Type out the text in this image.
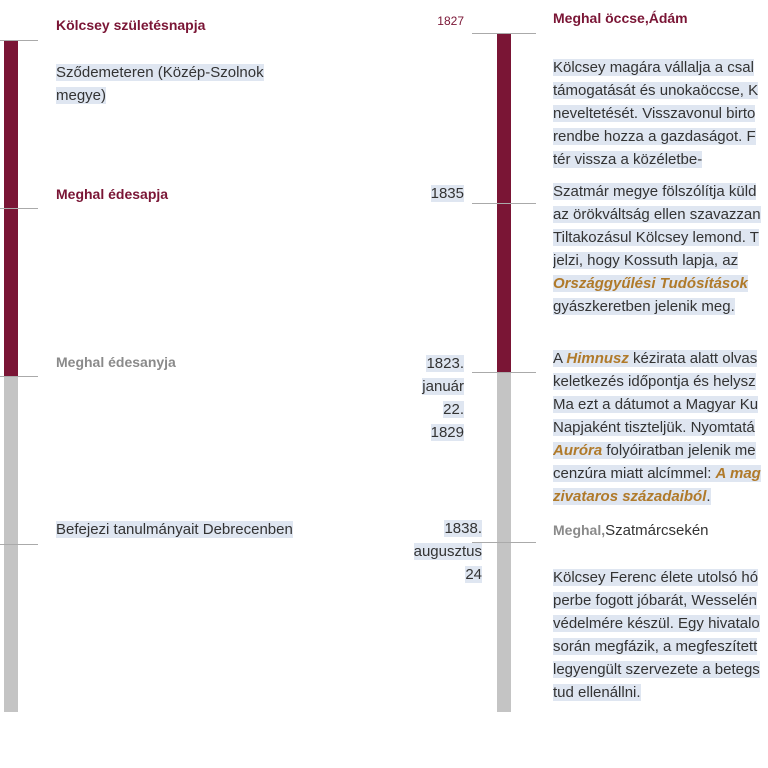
Kölcsey születésnapja
Sződemeteren (Közép-Szolnok
megye)
Meghal édesapja
Meghal édesanyja
Befejezi tanulmányait Debrecenben
1827
1835
1823.
január
22.
1829
1838.
augusztus
24
Meghal öccse,Ádám
Kölcsey magára vállalja a csal
támogatását és unokaöccse, K
neveltetését. Visszavonul birto
rendbe hozza a gazdaságot. F
tér vissza a közéletbe-
Szatmár megye fölszólítja küld
az örökváltság ellen szavazzan
Tiltakozásul Kölcsey lemond. T
jelzi, hogy Kossuth lapja, az
Országgyűlési Tudósítások
gyászkeretben jelenik meg.
A Himnusz kézirata alatt olvas
keletkezés időpontja és helysz
Ma ezt a dátumot a Magyar Ku
Napjaként tiszteljük. Nyomtatá
Auróra folyóiratban jelenik me
cenzúra miatt alcímmel: A mag
zivataros századaiból.
Meghal,Szatmárcsekén
Kölcsey Ferenc élete utolsó hó
perbe fogott jóbarát, Wesselén
védelmére készül. Egy hivatalo
során megfázik, a megfeszített
legyengült szervezete a betegs
tud ellenállni.
